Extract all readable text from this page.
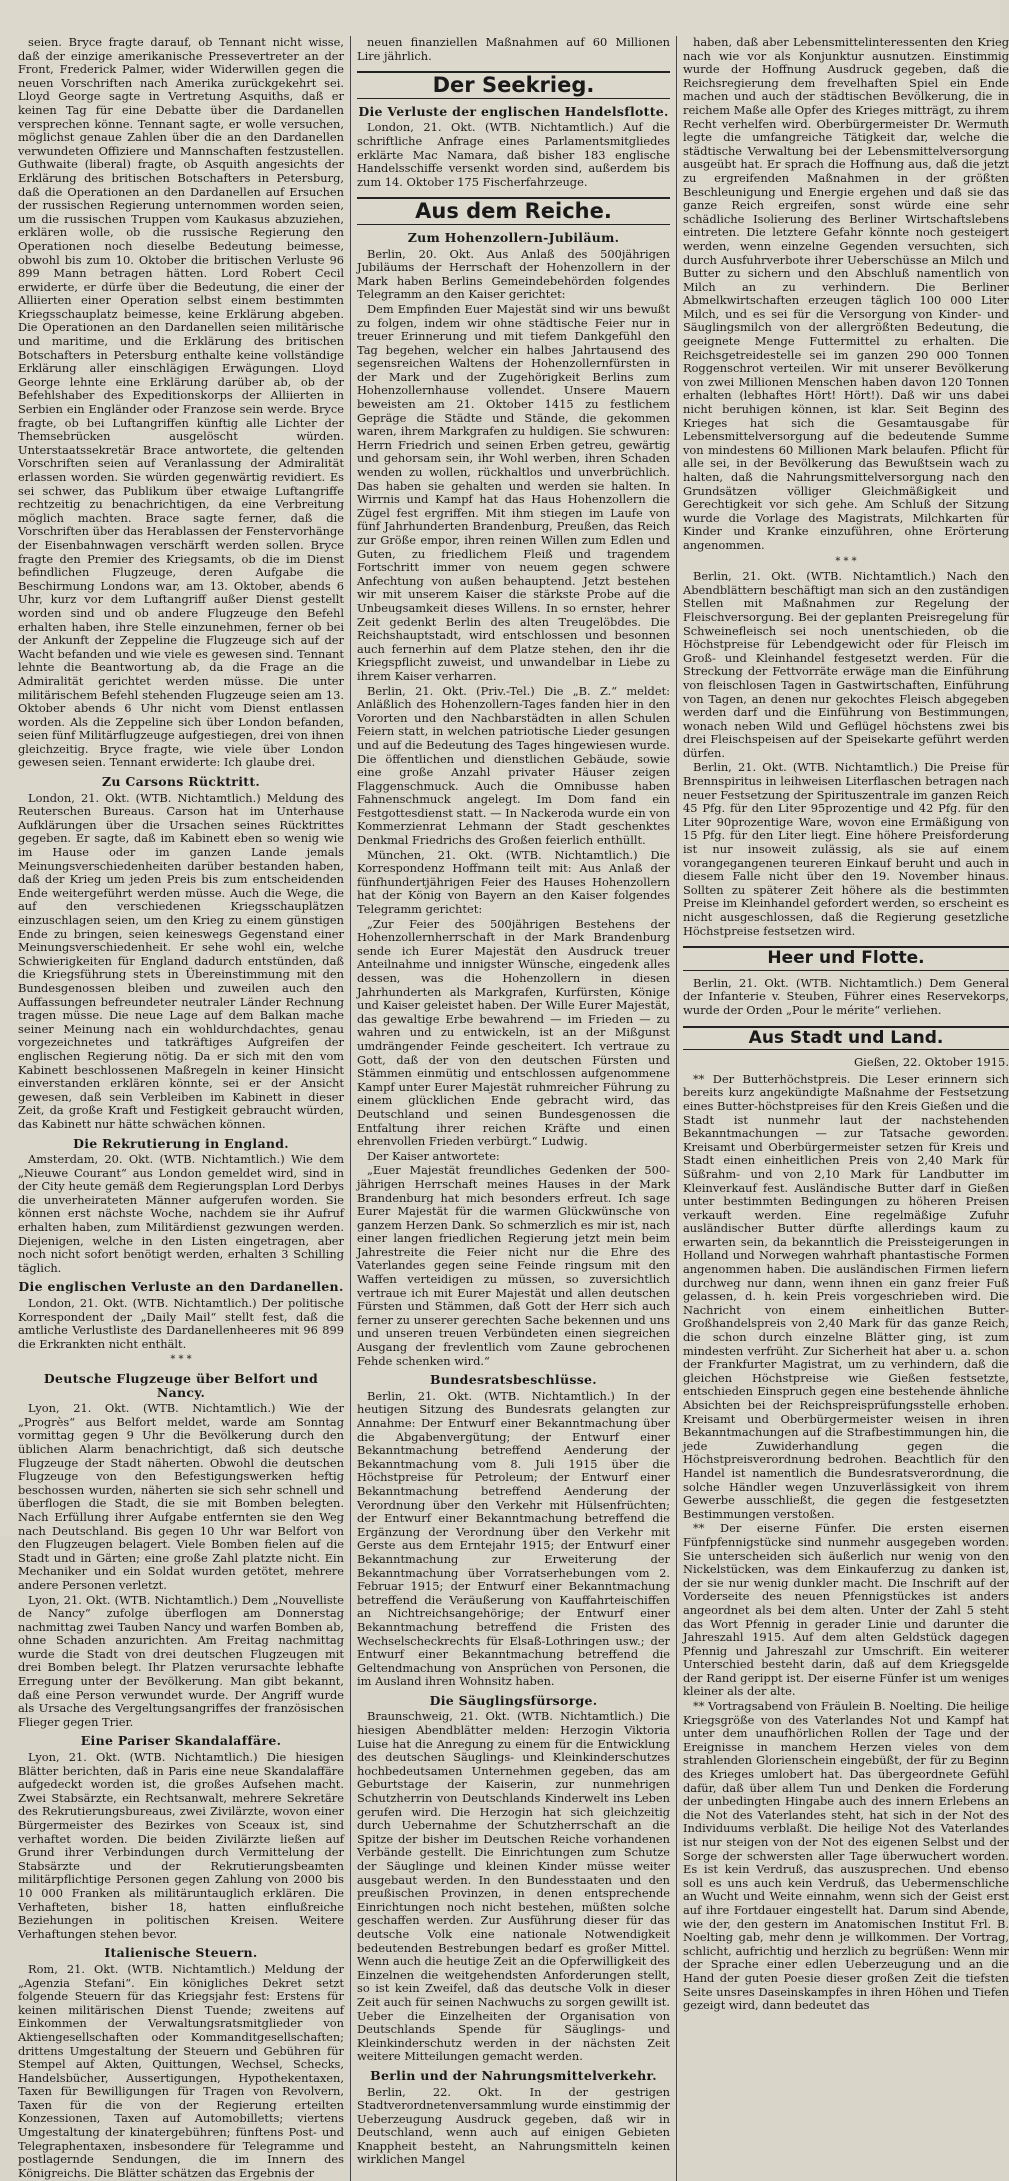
seien. Bryce fragte darauf, ob Tennant nicht wisse, daß der einzige amerikanische Pressevertreter an der Front, Frederick Palmer, wider Widerwillen gegen die neuen Vorschriften nach Amerika zurückgekehrt sei. Lloyd George sagte in Vertretung Asquiths, daß er keinen Tag für eine Debatte über die Dardanellen versprechen könne. Tennant sagte, er wolle versuchen, möglichst genaue Zahlen über die an den Dardanellen verwundeten Offiziere und Mannschaften festzustellen. Guthwaite (liberal) fragte, ob Asquith angesichts der Erklärung des britischen Botschafters in Petersburg, daß die Operationen an den Dardanellen auf Ersuchen der russischen Regierung unternommen worden seien, um die russischen Truppen vom Kaukasus abzuziehen, erklären wolle, ob die russische Regierung den Operationen noch dieselbe Bedeutung beimesse, obwohl bis zum 10. Oktober die britischen Verluste 96 899 Mann betragen hätten. Lord Robert Cecil erwiderte, er dürfe über die Bedeutung, die einer der Alliierten einer Operation selbst einem bestimmten Kriegsschauplatz beimesse, keine Erklärung abgeben. Die Operationen an den Dardanellen seien militärische und maritime, und die Erklärung des britischen Botschafters in Petersburg enthalte keine vollständige Erklärung aller einschlägigen Erwägungen. Lloyd George lehnte eine Erklärung darüber ab, ob der Befehlshaber des Expeditionskorps der Alliierten in Serbien ein Engländer oder Franzose sein werde. Bryce fragte, ob bei Luftangriffen künftig alle Lichter der Themsebrücken ausgelöscht würden. Unterstaatssekretär Brace antwortete, die geltenden Vorschriften seien auf Veranlassung der Admiralität erlassen worden. Sie würden gegenwärtig revidiert. Es sei schwer, das Publikum über etwaige Luftangriffe rechtzeitig zu benachrichtigen, da eine Verbreitung möglich machten. Brace sagte ferner, daß die Vorschriften über das Herablassen der Fenstervorhänge der Eisenbahnwagen verschärft werden sollen. Bryce fragte den Premier des Kriegsamts, ob die im Dienst befindlichen Flugzeuge, deren Aufgabe die Beschirmung Londons war, am 13. Oktober, abends 6 Uhr, kurz vor dem Luftangriff außer Dienst gestellt worden sind und ob andere Flugzeuge den Befehl erhalten haben, ihre Stelle einzunehmen, ferner ob bei der Ankunft der Zeppeline die Flugzeuge sich auf der Wacht befanden und wie viele es gewesen sind. Tennant lehnte die Beantwortung ab, da die Frage an die Admiralität gerichtet werden müsse. Die unter militärischem Befehl stehenden Flugzeuge seien am 13. Oktober abends 6 Uhr nicht vom Dienst entlassen worden. Als die Zeppeline sich über London befanden, seien fünf Militärflugzeuge aufgestiegen, drei von ihnen gleichzeitig. Bryce fragte, wie viele über London gewesen seien. Tennant erwiderte: Ich glaube drei.

Zu Carsons Rücktritt.

London, 21. Okt. (WTB. Nichtamtlich.) Meldung des Reuterschen Bureaus. Carson hat im Unterhause Aufklärungen über die Ursachen seines Rücktrittes gegeben. Er sagte, daß im Kabinett eben so wenig wie im Hause oder im ganzen Lande jemals Meinungsverschiedenheiten darüber bestanden haben, daß der Krieg um jeden Preis bis zum entscheidenden Ende weitergeführt werden müsse. Auch die Wege, die auf den verschiedenen Kriegsschauplätzen einzuschlagen seien, um den Krieg zu einem günstigen Ende zu bringen, seien keineswegs Gegenstand einer Meinungsverschiedenheit. Er sehe wohl ein, welche Schwierigkeiten für England dadurch entstünden, daß die Kriegsführung stets in Übereinstimmung mit den Bundesgenossen bleiben und zuweilen auch den Auffassungen befreundeter neutraler Länder Rechnung tragen müsse. Die neue Lage auf dem Balkan mache seiner Meinung nach ein wohldurchdachtes, genau vorgezeichnetes und tatkräftiges Aufgreifen der englischen Regierung nötig. Da er sich mit den vom Kabinett beschlossenen Maßregeln in keiner Hinsicht einverstanden erklären könnte, sei er der Ansicht gewesen, daß sein Verbleiben im Kabinett in dieser Zeit, da große Kraft und Festigkeit gebraucht würden, das Kabinett nur hätte schwächen können.

Die Rekrutierung in England.

Amsterdam, 20. Okt. (WTB. Nichtamtlich.) Wie dem „Nieuwe Courant“ aus London gemeldet wird, sind in der City heute gemäß dem Regierungsplan Lord Derbys die unverheirateten Männer aufgerufen worden. Sie können erst nächste Woche, nachdem sie ihr Aufruf erhalten haben, zum Militärdienst gezwungen werden. Diejenigen, welche in den Listen eingetragen, aber noch nicht sofort benötigt werden, erhalten 3 Schilling täglich.

Die englischen Verluste an den Dardanellen.

London, 21. Okt. (WTB. Nichtamtlich.) Der politische Korrespondent der „Daily Mail“ stellt fest, daß die amtliche Verlustliste des Dardanellenheeres mit 96 899 die Erkrankten nicht enthält.

* * *
Deutsche Flugzeuge über Belfort und Nancy.

Lyon, 21. Okt. (WTB. Nichtamtlich.) Wie der „Progrès“ aus Belfort meldet, warde am Sonntag vormittag gegen 9 Uhr die Bevölkerung durch den üblichen Alarm benachrichtigt, daß sich deutsche Flugzeuge der Stadt näherten. Obwohl die deutschen Flugzeuge von den Befestigungswerken heftig beschossen wurden, näherten sie sich sehr schnell und überflogen die Stadt, die sie mit Bomben belegten. Nach Erfüllung ihrer Aufgabe entfernten sie den Weg nach Deutschland. Bis gegen 10 Uhr war Belfort von den Flugzeugen belagert. Viele Bomben fielen auf die Stadt und in Gärten; eine große Zahl platzte nicht. Ein Mechaniker und ein Soldat wurden getötet, mehrere andere Personen verletzt.

Lyon, 21. Okt. (WTB. Nichtamtlich.) Dem „Nouvelliste de Nancy“ zufolge überflogen am Donnerstag nachmittag zwei Tauben Nancy und warfen Bomben ab, ohne Schaden anzurichten. Am Freitag nachmittag wurde die Stadt von drei deutschen Flugzeugen mit drei Bomben belegt. Ihr Platzen verursachte lebhafte Erregung unter der Bevölkerung. Man gibt bekannt, daß eine Person verwundet wurde. Der Angriff wurde als Ursache des Vergeltungsangriffes der französischen Flieger gegen Trier.

Eine Pariser Skandalaffäre.

Lyon, 21. Okt. (WTB. Nichtamtlich.) Die hiesigen Blätter berichten, daß in Paris eine neue Skandalaffäre aufgedeckt worden ist, die großes Aufsehen macht. Zwei Stabsärzte, ein Rechtsanwalt, mehrere Sekretäre des Rekrutierungsbureaus, zwei Zivilärzte, wovon einer Bürgermeister des Bezirkes von Sceaux ist, sind verhaftet worden. Die beiden Zivilärzte ließen auf Grund ihrer Verbindungen durch Vermittelung der Stabsärzte und der Rekrutierungsbeamten militärpflichtige Personen gegen Zahlung von 2000 bis 10 000 Franken als militäruntauglich erklären. Die Verhafteten, bisher 18, hatten einflußreiche Beziehungen in politischen Kreisen. Weitere Verhaftungen stehen bevor.

Italienische Steuern.

Rom, 21. Okt. (WTB. Nichtamtlich.) Meldung der „Agenzia Stefani“. Ein königliches Dekret setzt folgende Steuern für das Kriegsjahr fest: Erstens für keinen militärischen Dienst Tuende; zweitens auf Einkommen der Verwaltungsratsmitglieder von Aktiengesellschaften oder Kommanditgesellschaften; drittens Umgestaltung der Steuern und Gebühren für Stempel auf Akten, Quittungen, Wechsel, Schecks, Handelsbücher, Aussertigungen, Hypothekentaxen, Taxen für Bewilligungen für Tragen von Revolvern, Taxen für die von der Regierung erteilten Konzessionen, Taxen auf Automobilletts; viertens Umgestaltung der kinatergebühren; fünftens Post- und Telegraphentaxen, insbesondere für Telegramme und postlagernde Sendungen, die im Innern des Königreichs. Die Blätter schätzen das Ergebnis der

neuen finanziellen Maßnahmen auf 60 Millionen Lire jährlich.

Der Seekrieg.
Die Verluste der englischen Handelsflotte.

London, 21. Okt. (WTB. Nichtamtlich.) Auf die schriftliche Anfrage eines Parlamentsmitgliedes erklärte Mac Namara, daß bisher 183 englische Handelsschiffe versenkt worden sind, außerdem bis zum 14. Oktober 175 Fischerfahrzeuge.

Aus dem Reiche.
Zum Hohenzollern-Jubiläum.

Berlin, 20. Okt. Aus Anlaß des 500jährigen Jubiläums der Herrschaft der Hohenzollern in der Mark haben Berlins Gemeindebehörden folgendes Telegramm an den Kaiser gerichtet:

Dem Empfinden Euer Majestät sind wir uns bewußt zu folgen, indem wir ohne städtische Feier nur in treuer Erinnerung und mit tiefem Dankgefühl den Tag begehen, welcher ein halbes Jahrtausend des segensreichen Waltens der Hohenzollernfürsten in der Mark und der Zugehörigkeit Berlins zum Hohenzollernhause vollendet. Unsere Mauern beweisten am 21. Oktober 1415 zu festlichem Gepräge die Städte und Stände, die gekommen waren, ihrem Markgrafen zu huldigen. Sie schwuren: Herrn Friedrich und seinen Erben getreu, gewärtig und gehorsam sein, ihr Wohl werben, ihren Schaden wenden zu wollen, rückhaltlos und unverbrüchlich. Das haben sie gehalten und werden sie halten. In Wirrnis und Kampf hat das Haus Hohenzollern die Zügel fest ergriffen. Mit ihm stiegen im Laufe von fünf Jahrhunderten Brandenburg, Preußen, das Reich zur Größe empor, ihren reinen Willen zum Edlen und Guten, zu friedlichem Fleiß und tragendem Fortschritt immer von neuem gegen schwere Anfechtung von außen behauptend. Jetzt bestehen wir mit unserem Kaiser die stärkste Probe auf die Unbeugsamkeit dieses Willens. In so ernster, hehrer Zeit gedenkt Berlin des alten Treugelöbdes. Die Reichshauptstadt, wird entschlossen und besonnen auch fernerhin auf dem Platze stehen, den ihr die Kriegspflicht zuweist, und unwandelbar in Liebe zu ihrem Kaiser verharren.

Berlin, 21. Okt. (Priv.-Tel.) Die „B. Z.“ meldet: Anläßlich des Hohenzollern-Tages fanden hier in den Vororten und den Nachbarstädten in allen Schulen Feiern statt, in welchen patriotische Lieder gesungen und auf die Bedeutung des Tages hingewiesen wurde. Die öffentlichen und dienstlichen Gebäude, sowie eine große Anzahl privater Häuser zeigen Flaggenschmuck. Auch die Omnibusse haben Fahnenschmuck angelegt. Im Dom fand ein Festgottesdienst statt. — In Nackeroda wurde ein von Kommerzienrat Lehmann der Stadt geschenktes Denkmal Friedrichs des Großen feierlich enthüllt.

München, 21. Okt. (WTB. Nichtamtlich.) Die Korrespondenz Hoffmann teilt mit: Aus Anlaß der fünfhundertjährigen Feier des Hauses Hohenzollern hat der König von Bayern an den Kaiser folgendes Telegramm gerichtet:

„Zur Feier des 500jährigen Bestehens der Hohenzollernherrschaft in der Mark Brandenburg sende ich Eurer Majestät den Ausdruck treuer Anteilnahme und innigster Wünsche, eingedenk alles dessen, was die Hohenzollern in diesen Jahrhunderten als Markgrafen, Kurfürsten, Könige und Kaiser geleistet haben. Der Wille Eurer Majestät, das gewaltige Erbe bewahrend — im Frieden — zu wahren und zu entwickeln, ist an der Mißgunst umdrängender Feinde gescheitert. Ich vertraue zu Gott, daß der von den deutschen Fürsten und Stämmen einmütig und entschlossen aufgenommene Kampf unter Eurer Majestät ruhmreicher Führung zu einem glücklichen Ende gebracht wird, das Deutschland und seinen Bundesgenossen die Entfaltung ihrer reichen Kräfte und einen ehrenvollen Frieden verbürgt.“ Ludwig.

Der Kaiser antwortete:

„Euer Majestät freundliches Gedenken der 500-jährigen Herrschaft meines Hauses in der Mark Brandenburg hat mich besonders erfreut. Ich sage Eurer Majestät für die warmen Glückwünsche von ganzem Herzen Dank. So schmerzlich es mir ist, nach einer langen friedlichen Regierung jetzt mein beim Jahrestreite die Feier nicht nur die Ehre des Vaterlandes gegen seine Feinde ringsum mit den Waffen verteidigen zu müssen, so zuversichtlich vertraue ich mit Eurer Majestät und allen deutschen Fürsten und Stämmen, daß Gott der Herr sich auch ferner zu unserer gerechten Sache bekennen und uns und unseren treuen Verbündeten einen siegreichen Ausgang der frevlentlich vom Zaune gebrochenen Fehde schenken wird.“

Bundesratsbeschlüsse.

Berlin, 21. Okt. (WTB. Nichtamtlich.) In der heutigen Sitzung des Bundesrats gelangten zur Annahme: Der Entwurf einer Bekanntmachung über die Abgabenvergütung; der Entwurf einer Bekanntmachung betreffend Aenderung der Bekanntmachung vom 8. Juli 1915 über die Höchstpreise für Petroleum; der Entwurf einer Bekanntmachung betreffend Aenderung der Verordnung über den Verkehr mit Hülsenfrüchten; der Entwurf einer Bekanntmachung betreffend die Ergänzung der Verordnung über den Verkehr mit Gerste aus dem Erntejahr 1915; der Entwurf einer Bekanntmachung zur Erweiterung der Bekanntmachung über Vorratserhebungen vom 2. Februar 1915; der Entwurf einer Bekanntmachung betreffend die Veräußerung von Kauffahrteischiffen an Nichtreichsangehörige; der Entwurf einer Bekanntmachung betreffend die Fristen des Wechselscheckrechts für Elsaß-Lothringen usw.; der Entwurf einer Bekanntmachung betreffend die Geltendmachung von Ansprüchen von Personen, die im Ausland ihren Wohnsitz haben.

Die Säuglingsfürsorge.

Braunschweig, 21. Okt. (WTB. Nichtamtlich.) Die hiesigen Abendblätter melden: Herzogin Viktoria Luise hat die Anregung zu einem für die Entwicklung des deutschen Säuglings- und Kleinkinderschutzes hochbedeutsamen Unternehmen gegeben, das am Geburtstage der Kaiserin, zur nunmehrigen Schutzherrin von Deutschlands Kinderwelt ins Leben gerufen wird. Die Herzogin hat sich gleichzeitig durch Uebernahme der Schutzherrschaft an die Spitze der bisher im Deutschen Reiche vorhandenen Verbände gestellt. Die Einrichtungen zum Schutze der Säuglinge und kleinen Kinder müsse weiter ausgebaut werden. In den Bundesstaaten und den preußischen Provinzen, in denen entsprechende Einrichtungen noch nicht bestehen, müßten solche geschaffen werden. Zur Ausführung dieser für das deutsche Volk eine nationale Notwendigkeit bedeutenden Bestrebungen bedarf es großer Mittel. Wenn auch die heutige Zeit an die Opferwilligkeit des Einzelnen die weitgehendsten Anforderungen stellt, so ist kein Zweifel, daß das deutsche Volk in dieser Zeit auch für seinen Nachwuchs zu sorgen gewillt ist. Ueber die Einzelheiten der Organisation von Deutschlands Spende für Säuglings- und Kleinkinderschutz werden in der nächsten Zeit weitere Mitteilungen gemacht werden.

Berlin und der Nahrungsmittelverkehr.

Berlin, 22. Okt. In der gestrigen Stadtverordnetenversammlung wurde einstimmig der Ueberzeugung Ausdruck gegeben, daß wir in Deutschland, wenn auch auf einigen Gebieten Knappheit besteht, an Nahrungsmitteln keinen wirklichen Mangel

haben, daß aber Lebensmittelinteressenten den Krieg nach wie vor als Konjunktur ausnutzen. Einstimmig wurde der Hoffnung Ausdruck gegeben, daß die Reichsregierung dem frevelhaften Spiel ein Ende machen und auch der städtischen Bevölkerung, die in reichem Maße alle Opfer des Krieges mitträgt, zu ihrem Recht verhelfen wird. Oberbürgermeister Dr. Wermuth legte die umfangreiche Tätigkeit dar, welche die städtische Verwaltung bei der Lebensmittelversorgung ausgeübt hat. Er sprach die Hoffnung aus, daß die jetzt zu ergreifenden Maßnahmen in der größten Beschleunigung und Energie ergehen und daß sie das ganze Reich ergreifen, sonst würde eine sehr schädliche Isolierung des Berliner Wirtschaftslebens eintreten. Die letztere Gefahr könnte noch gesteigert werden, wenn einzelne Gegenden versuchten, sich durch Ausfuhrverbote ihrer Ueberschüsse an Milch und Butter zu sichern und den Abschluß namentlich von Milch an zu verhindern. Die Berliner Abmelkwirtschaften erzeugen täglich 100 000 Liter Milch, und es sei für die Versorgung von Kinder- und Säuglingsmilch von der allergrößten Bedeutung, die geeignete Menge Futtermittel zu erhalten. Die Reichsgetreidestelle sei im ganzen 290 000 Tonnen Roggenschrot verteilen. Wir mit unserer Bevölkerung von zwei Millionen Menschen haben davon 120 Tonnen erhalten (lebhaftes Hört! Hört!). Daß wir uns dabei nicht beruhigen können, ist klar. Seit Beginn des Krieges hat sich die Gesamtausgabe für Lebensmittelversorgung auf die bedeutende Summe von mindestens 60 Millionen Mark belaufen. Pflicht für alle sei, in der Bevölkerung das Bewußtsein wach zu halten, daß die Nahrungsmittelversorgung nach den Grundsätzen völliger Gleichmäßigkeit und Gerechtigkeit vor sich gehe. Am Schluß der Sitzung wurde die Vorlage des Magistrats, Milchkarten für Kinder und Kranke einzuführen, ohne Erörterung angenommen.

* * *

Berlin, 21. Okt. (WTB. Nichtamtlich.) Nach den Abendblättern beschäftigt man sich an den zuständigen Stellen mit Maßnahmen zur Regelung der Fleischversorgung. Bei der geplanten Preisregelung für Schweinefleisch sei noch unentschieden, ob die Höchstpreise für Lebendgewicht oder für Fleisch im Groß- und Kleinhandel festgesetzt werden. Für die Streckung der Fettvorräte erwäge man die Einführung von fleischlosen Tagen in Gastwirtschaften, Einführung von Tagen, an denen nur gekochtes Fleisch abgegeben werden darf und die Einführung von Bestimmungen, wonach neben Wild und Geflügel höchstens zwei bis drei Fleischspeisen auf der Speisekarte geführt werden dürfen.

Berlin, 21. Okt. (WTB. Nichtamtlich.) Die Preise für Brennspiritus in leihweisen Literflaschen betragen nach neuer Festsetzung der Spirituszentrale im ganzen Reich 45 Pfg. für den Liter 95prozentige und 42 Pfg. für den Liter 90prozentige Ware, wovon eine Ermäßigung von 15 Pfg. für den Liter liegt. Eine höhere Preisforderung ist nur insoweit zulässig, als sie auf einem vorangegangenen teureren Einkauf beruht und auch in diesem Falle nicht über den 19. November hinaus. Sollten zu späterer Zeit höhere als die bestimmten Preise im Kleinhandel gefordert werden, so erscheint es nicht ausgeschlossen, daß die Regierung gesetzliche Höchstpreise festsetzen wird.

Heer und Flotte.

Berlin, 21. Okt. (WTB. Nichtamtlich.) Dem General der Infanterie v. Steuben, Führer eines Reservekorps, wurde der Orden „Pour le mérite“ verliehen.

Aus Stadt und Land.
Gießen, 22. Oktober 1915.

** Der Butterhöchstpreis. Die Leser erinnern sich bereits kurz angekündigte Maßnahme der Festsetzung eines Butter-höchstpreises für den Kreis Gießen und die Stadt ist nunmehr laut der nachstehenden Bekanntmachungen — zur Tatsache geworden. Kreisamt und Oberbürgermeister setzen für Kreis und Stadt einen einheitlichen Preis von 2,40 Mark für Süßrahm- und von 2,10 Mark für Landbutter im Kleinverkauf fest. Ausländische Butter darf in Gießen unter bestimmten Bedingungen zu höheren Preisen verkauft werden. Eine regelmäßige Zufuhr ausländischer Butter dürfte allerdings kaum zu erwarten sein, da bekanntlich die Preissteigerungen in Holland und Norwegen wahrhaft phantastische Formen angenommen haben. Die ausländischen Firmen liefern durchweg nur dann, wenn ihnen ein ganz freier Fuß gelassen, d. h. kein Preis vorgeschrieben wird. Die Nachricht von einem einheitlichen Butter-Großhandelspreis von 2,40 Mark für das ganze Reich, die schon durch einzelne Blätter ging, ist zum mindesten verfrüht. Zur Sicherheit hat aber u. a. schon der Frankfurter Magistrat, um zu verhindern, daß die gleichen Höchstpreise wie Gießen festsetzte, entschieden Einspruch gegen eine bestehende ähnliche Absichten bei der Reichspreisprüfungsstelle erhoben. Kreisamt und Oberbürgermeister weisen in ihren Bekanntmachungen auf die Strafbestimmungen hin, die jede Zuwiderhandlung gegen die Höchstpreisverordnung bedrohen. Beachtlich für den Handel ist namentlich die Bundesratsverordnung, die solche Händler wegen Unzuverlässigkeit von ihrem Gewerbe ausschließt, die gegen die festgesetzten Bestimmungen verstoßen.

** Der eiserne Fünfer. Die ersten eisernen Fünfpfennigstücke sind nunmehr ausgegeben worden. Sie unterscheiden sich äußerlich nur wenig von den Nickelstücken, was dem Einkauferzug zu danken ist, der sie nur wenig dunkler macht. Die Inschrift auf der Vorderseite des neuen Pfennigstückes ist anders angeordnet als bei dem alten. Unter der Zahl 5 steht das Wort Pfennig in gerader Linie und darunter die Jahreszahl 1915. Auf dem alten Geldstück dagegen Pfennig und Jahreszahl zur Umschrift. Ein weiterer Unterschied besteht darin, daß auf dem Kriegsgelde der Rand gerippt ist. Der eiserne Fünfer ist um weniges kleiner als der alte.

** Vortragsabend von Fräulein B. Noelting. Die heilige Kriegsgröße von des Vaterlandes Not und Kampf hat unter dem unaufhörlichen Rollen der Tage und der Ereignisse in manchem Herzen vieles von dem strahlenden Glorienschein eingebüßt, der für zu Beginn des Krieges umlobert hat. Das übergeordnete Gefühl dafür, daß über allem Tun und Denken die Forderung der unbedingten Hingabe auch des innern Erlebens an die Not des Vaterlandes steht, hat sich in der Not des Individuums verblaßt. Die heilige Not des Vaterlandes ist nur steigen von der Not des eigenen Selbst und der Sorge der schwersten aller Tage überwuchert worden. Es ist kein Verdruß, das auszusprechen. Und ebenso soll es uns auch kein Verdruß, das Uebermenschliche an Wucht und Weite einnahm, wenn sich der Geist erst auf ihre Fortdauer eingestellt hat. Darum sind Abende, wie der, den gestern im Anatomischen Institut Frl. B. Noelting gab, mehr denn je willkommen. Der Vortrag, schlicht, aufrichtig und herzlich zu begrüßen: Wenn mir der Sprache einer edlen Ueberzeugung und an die Hand der guten Poesie dieser großen Zeit die tiefsten Seite unsres Daseinskampfes in ihren Höhen und Tiefen gezeigt wird, dann bedeutet das
